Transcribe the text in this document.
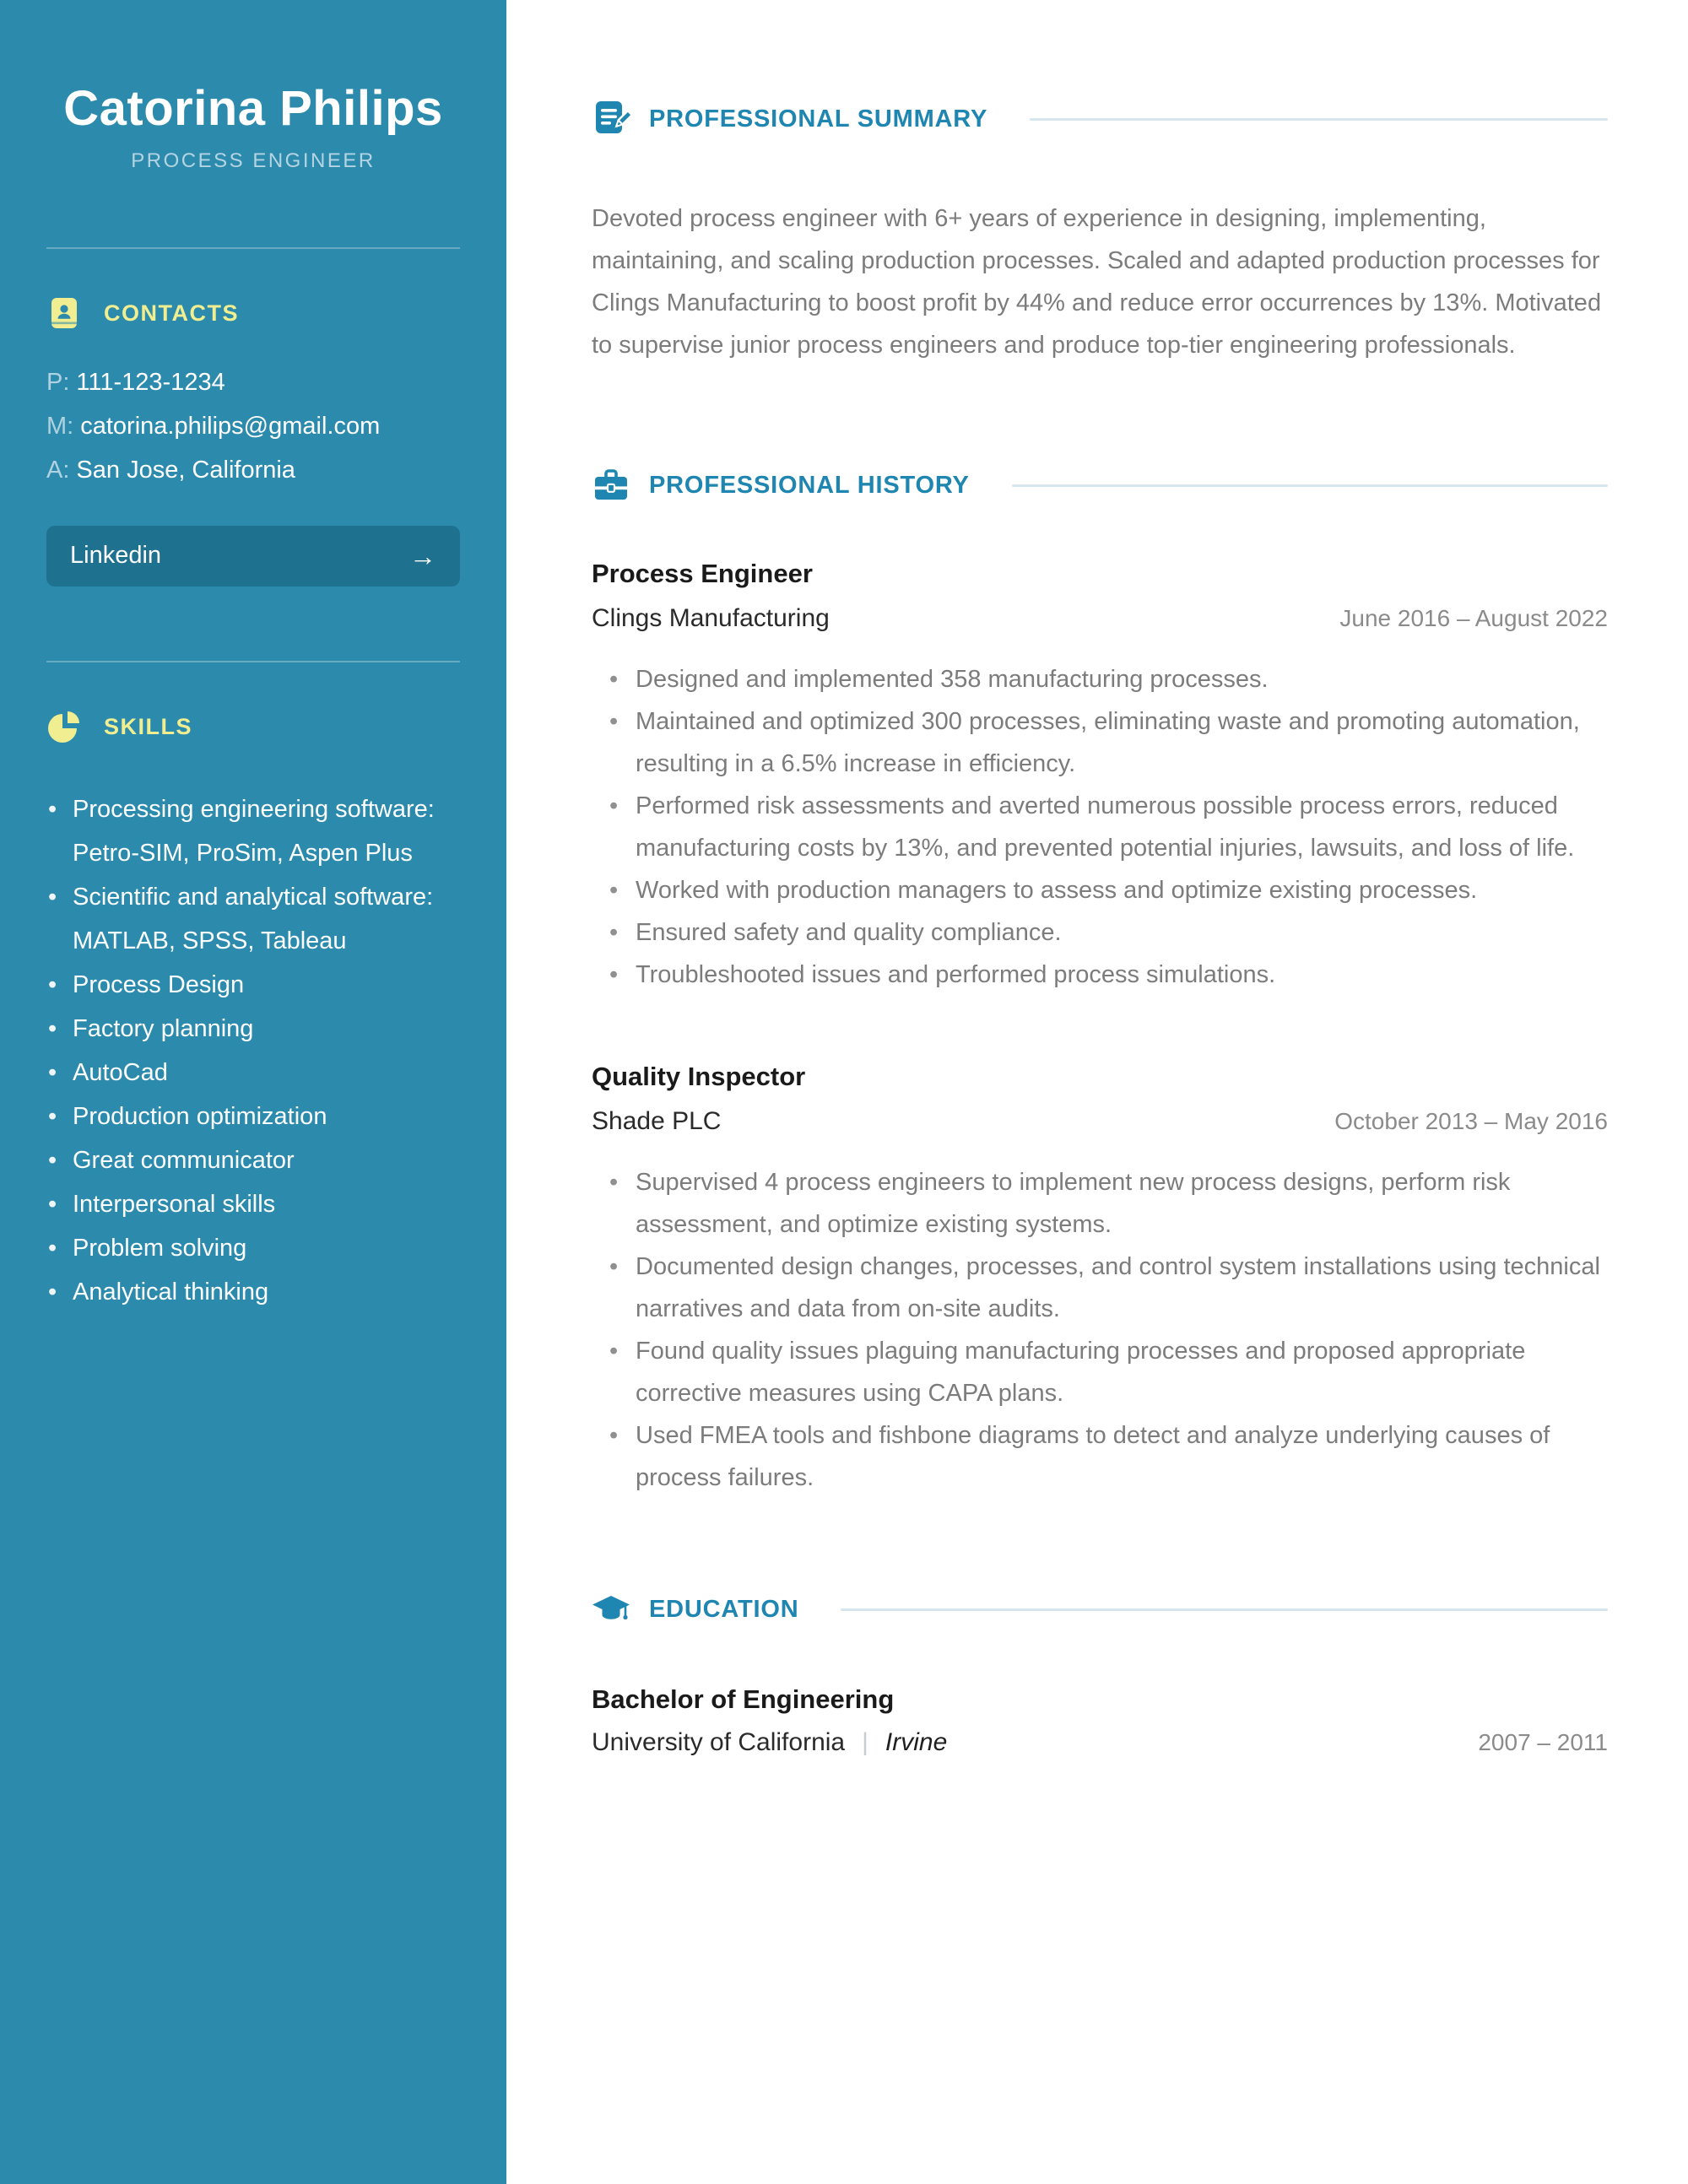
Catorina Philips
PROCESS ENGINEER
CONTACTS
P: 111-123-1234
M: catorina.philips@gmail.com
A: San Jose, California
Linkedin	→
SKILLS
• Processing engineering software: Petro-SIM, ProSim, Aspen Plus
• Scientific and analytical software: MATLAB, SPSS, Tableau
• Process Design
• Factory planning
• AutoCad
• Production optimization
• Great communicator
• Interpersonal skills
• Problem solving
• Analytical thinking
PROFESSIONAL SUMMARY

Devoted process engineer with 6+ years of experience in designing, implementing, maintaining, and scaling production processes. Scaled and adapted production processes for Clings Manufacturing to boost profit by 44% and reduce error occurrences by 13%. Motivated to supervise junior process engineers and produce top-tier engineering professionals.

PROFESSIONAL HISTORY
Process Engineer
Clings Manufacturing	June 2016 – August 2022
• Designed and implemented 358 manufacturing processes.
• Maintained and optimized 300 processes, eliminating waste and promoting automation, resulting in a 6.5% increase in efficiency.
• Performed risk assessments and averted numerous possible process errors, reduced manufacturing costs by 13%, and prevented potential injuries, lawsuits, and loss of life.
• Worked with production managers to assess and optimize existing processes.
• Ensured safety and quality compliance.
• Troubleshooted issues and performed process simulations.
Quality Inspector
Shade PLC	October 2013 – May 2016
• Supervised 4 process engineers to implement new process designs, perform risk assessment, and optimize existing systems.
• Documented design changes, processes, and control system installations using technical narratives and data from on-site audits.
• Found quality issues plaguing manufacturing processes and proposed appropriate corrective measures using CAPA plans.
• Used FMEA tools and fishbone diagrams to detect and analyze underlying causes of process failures.
EDUCATION
Bachelor of Engineering
University of California | Irvine	2007 – 2011
